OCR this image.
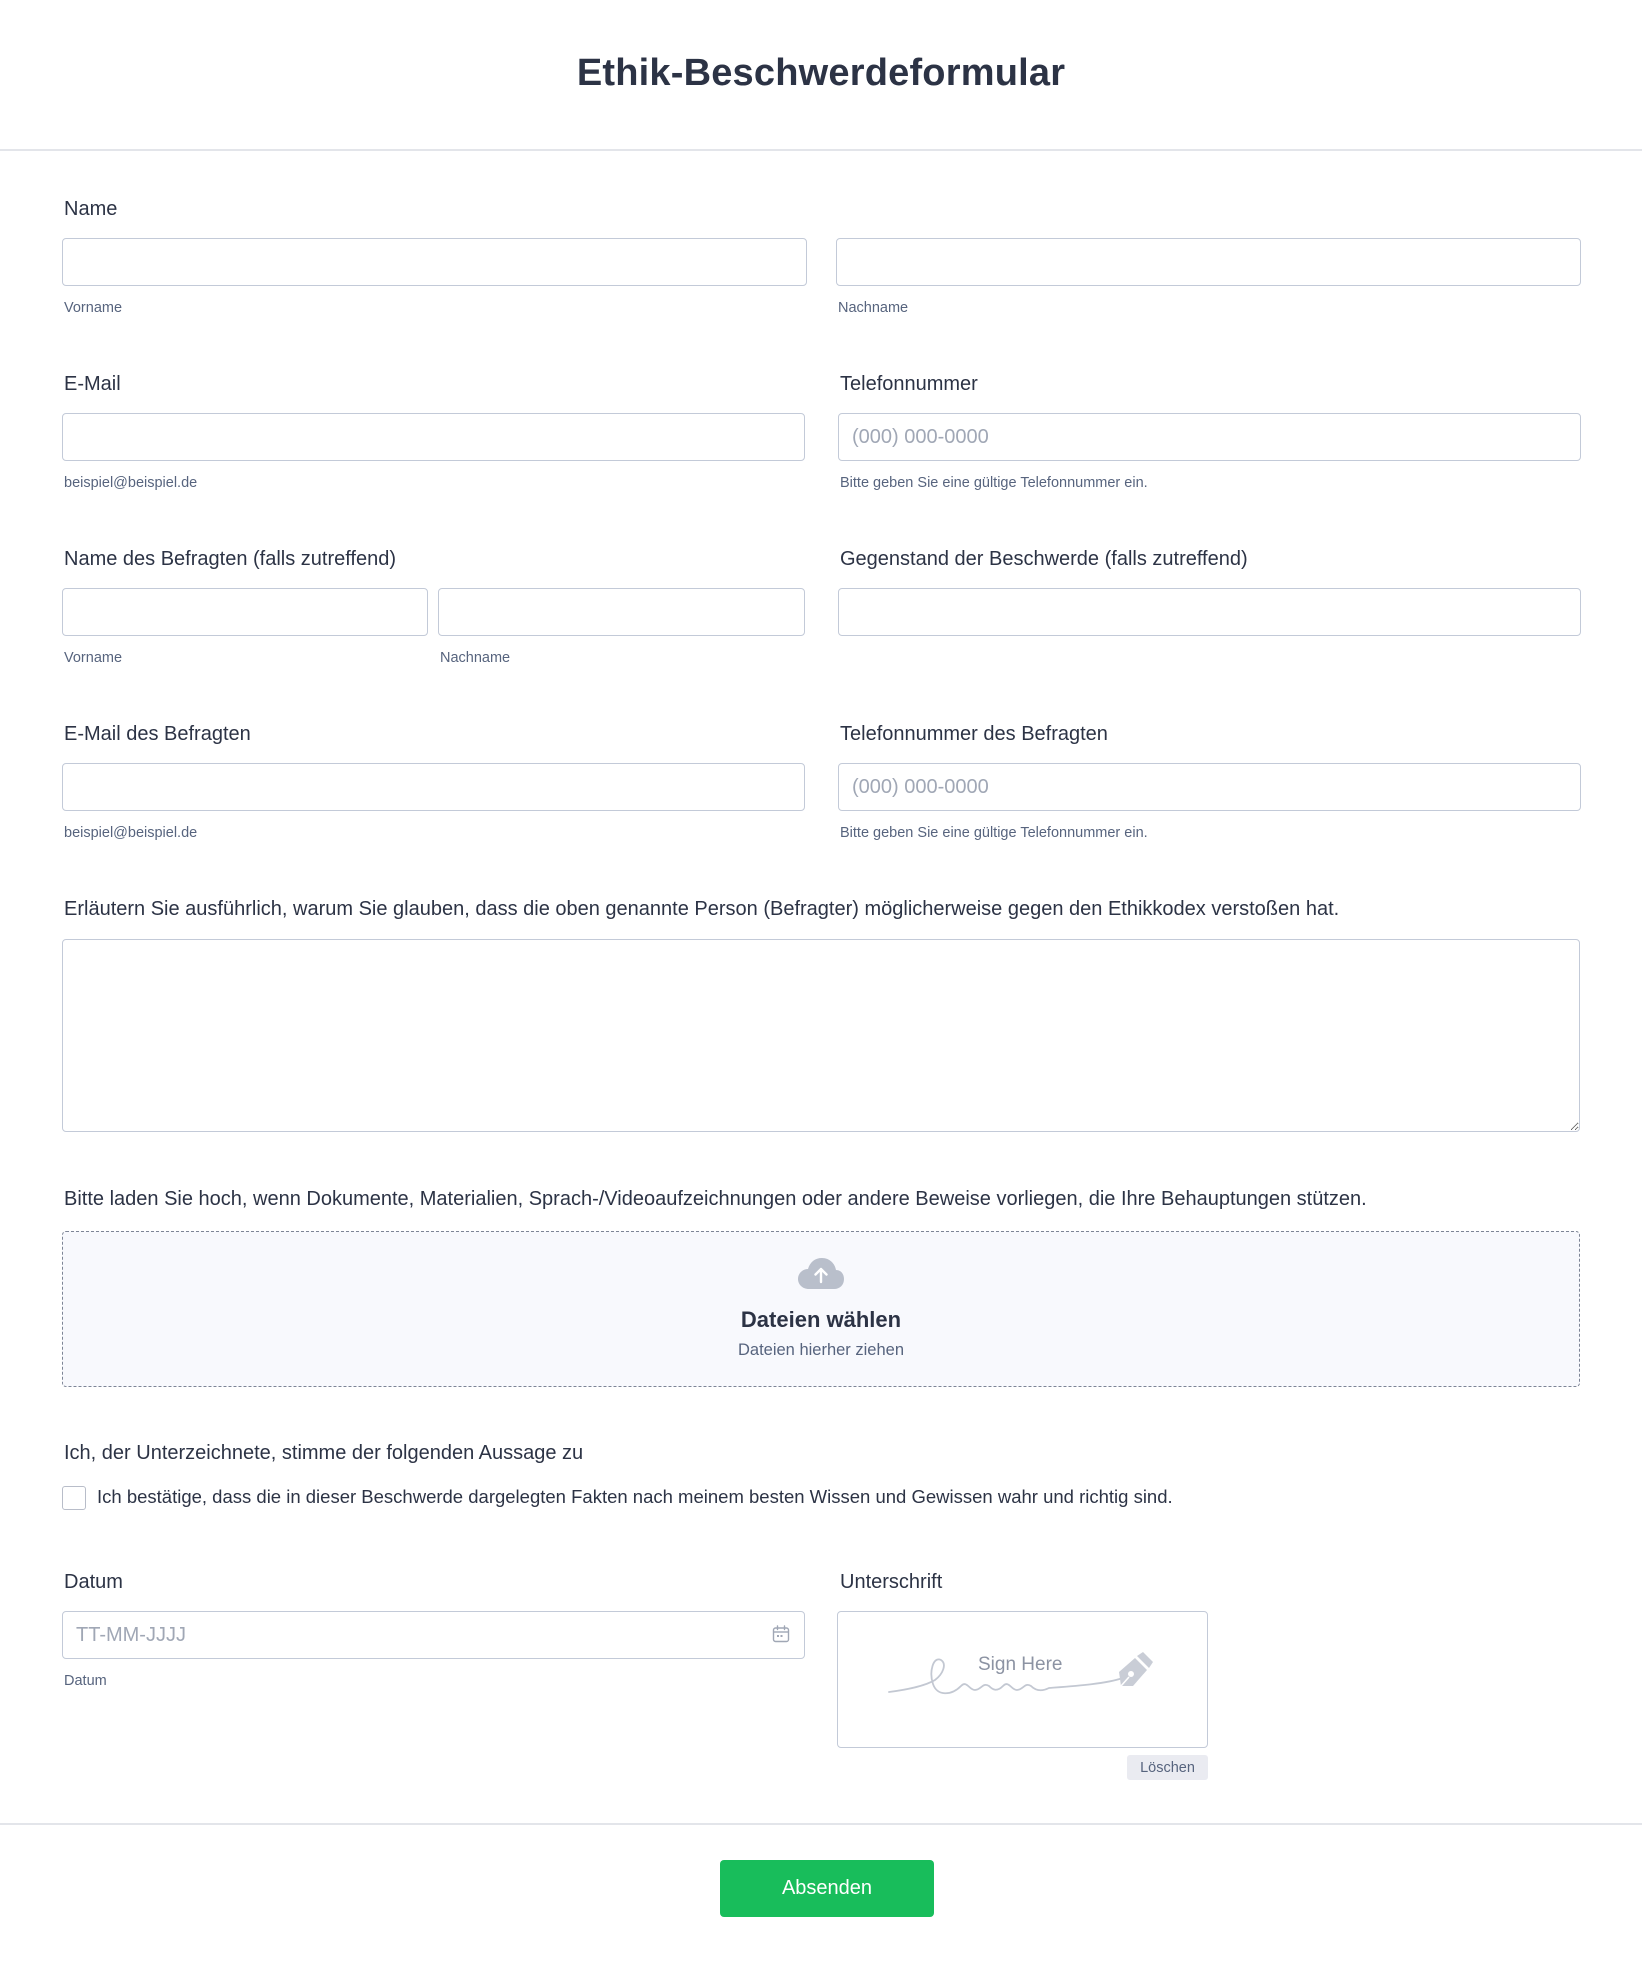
Ethik-Beschwerdeformular
Name
Vorname	Nachname
E-Mail
beispiel@beispiel.de
Telefonnummer
(000) 000-0000
Bitte geben Sie eine gültige Telefonnummer ein.
Name des Befragten (falls zutreffend)
Vorname	Nachname
Gegenstand der Beschwerde (falls zutreffend)
E-Mail des Befragten
beispiel@beispiel.de
Telefonnummer des Befragten
(000) 000-0000
Bitte geben Sie eine gültige Telefonnummer ein.
Erläutern Sie ausführlich, warum Sie glauben, dass die oben genannte Person (Befragter) möglicherweise gegen den Ethikkodex verstoßen hat.
Bitte laden Sie hoch, wenn Dokumente, Materialien, Sprach-/Videoaufzeichnungen oder andere Beweise vorliegen, die Ihre Behauptungen stützen.
Dateien wählen
Dateien hierher ziehen
Ich, der Unterzeichnete, stimme der folgenden Aussage zu
Ich bestätige, dass die in dieser Beschwerde dargelegten Fakten nach meinem besten Wissen und Gewissen wahr und richtig sind.
Datum
TT-MM-JJJJ
Datum
Unterschrift
Sign Here
Löschen
Absenden
